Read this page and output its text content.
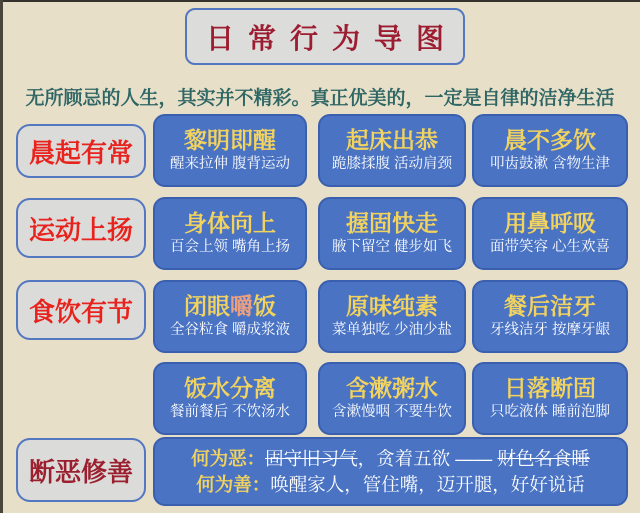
日常行为导图
无所顾忌的人生，其实并不精彩。真正优美的，一定是自律的洁净生活
晨起有常
运动上扬
食饮有节
断恶修善
黎明即醒
醒来拉伸 腹背运动
起床出恭
跪膝揉腹 活动肩颈
晨不多饮
叩齿鼓漱 含物生津
身体向上
百会上领 嘴角上扬
握固快走
腋下留空 健步如飞
用鼻呼吸
面带笑容 心生欢喜
闭眼嚼饭
全谷粒食 嚼成浆液
原味纯素
菜单独吃 少油少盐
餐后洁牙
牙线洁牙 按摩牙龈
饭水分离
餐前餐后 不饮汤水
含漱粥水
含漱慢咽 不要牛饮
日落断固
只吃液体 睡前泡脚
何为恶：固守旧习气，贪着五欲 —— 财色名食睡
何为善：唤醒家人，管住嘴，迈开腿，好好说话
